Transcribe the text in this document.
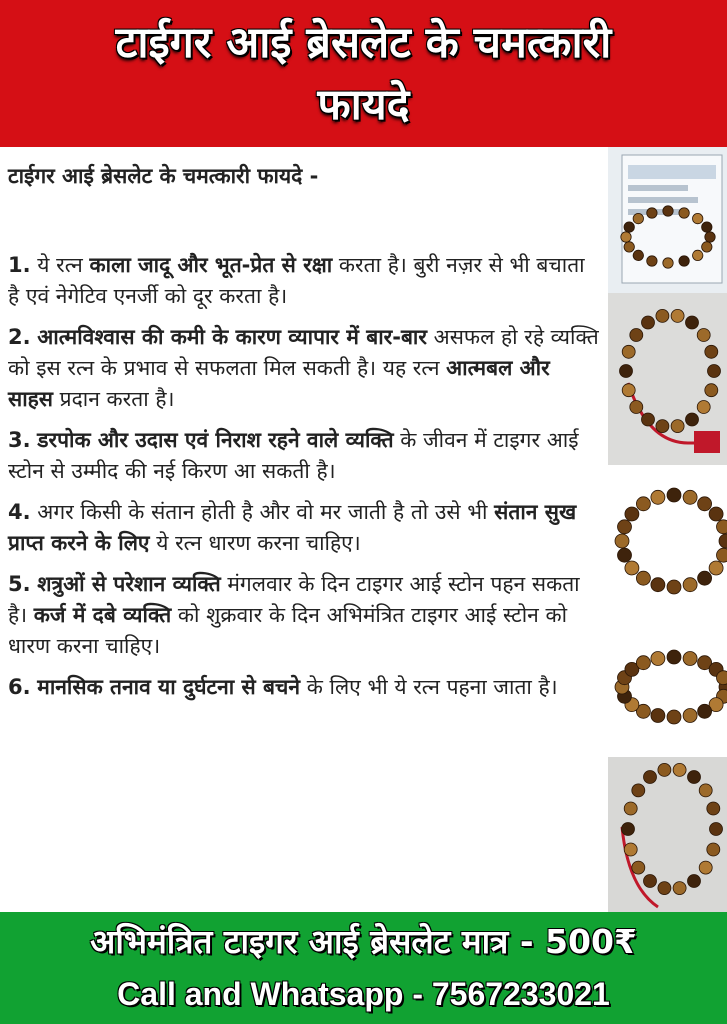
टाईगर आई ब्रेसलेट के चमत्कारी
फायदे
टाईगर आई ब्रेसलेट के चमत्कारी फायदे -

1. ये रत्न काला जादू और भूत-प्रेत से रक्षा करता है। बुरी नज़र से भी बचाता है एवं नेगेटिव एनर्जी को दूर करता है।

2. आत्मविश्वास की कमी के कारण व्यापार में बार-बार असफल हो रहे व्यक्ति को इस रत्न के प्रभाव से सफलता मिल सकती है। यह रत्न आत्मबल और साहस प्रदान करता है।

3. डरपोक और उदास एवं निराश रहने वाले व्यक्ति के जीवन में टाइगर आई स्टोन से उम्मीद की नई किरण आ सकती है।

4. अगर किसी के संतान होती है और वो मर जाती है तो उसे भी संतान सुख प्राप्त करने के लिए ये रत्न धारण करना चाहिए।

5. शत्रुओं से परेशान व्यक्ति मंगलवार के दिन टाइगर आई स्टोन पहन सकता है। कर्ज में दबे व्यक्ति को शुक्रवार के दिन अभिमंत्रित टाइगर आई स्टोन को धारण करना चाहिए।

6. मानसिक तनाव या दुर्घटना से बचने के लिए भी ये रत्न पहना जाता है।

अभिमंत्रित टाइगर आई ब्रेसलेट मात्र - 500₹
Call and Whatsapp - 7567233021
